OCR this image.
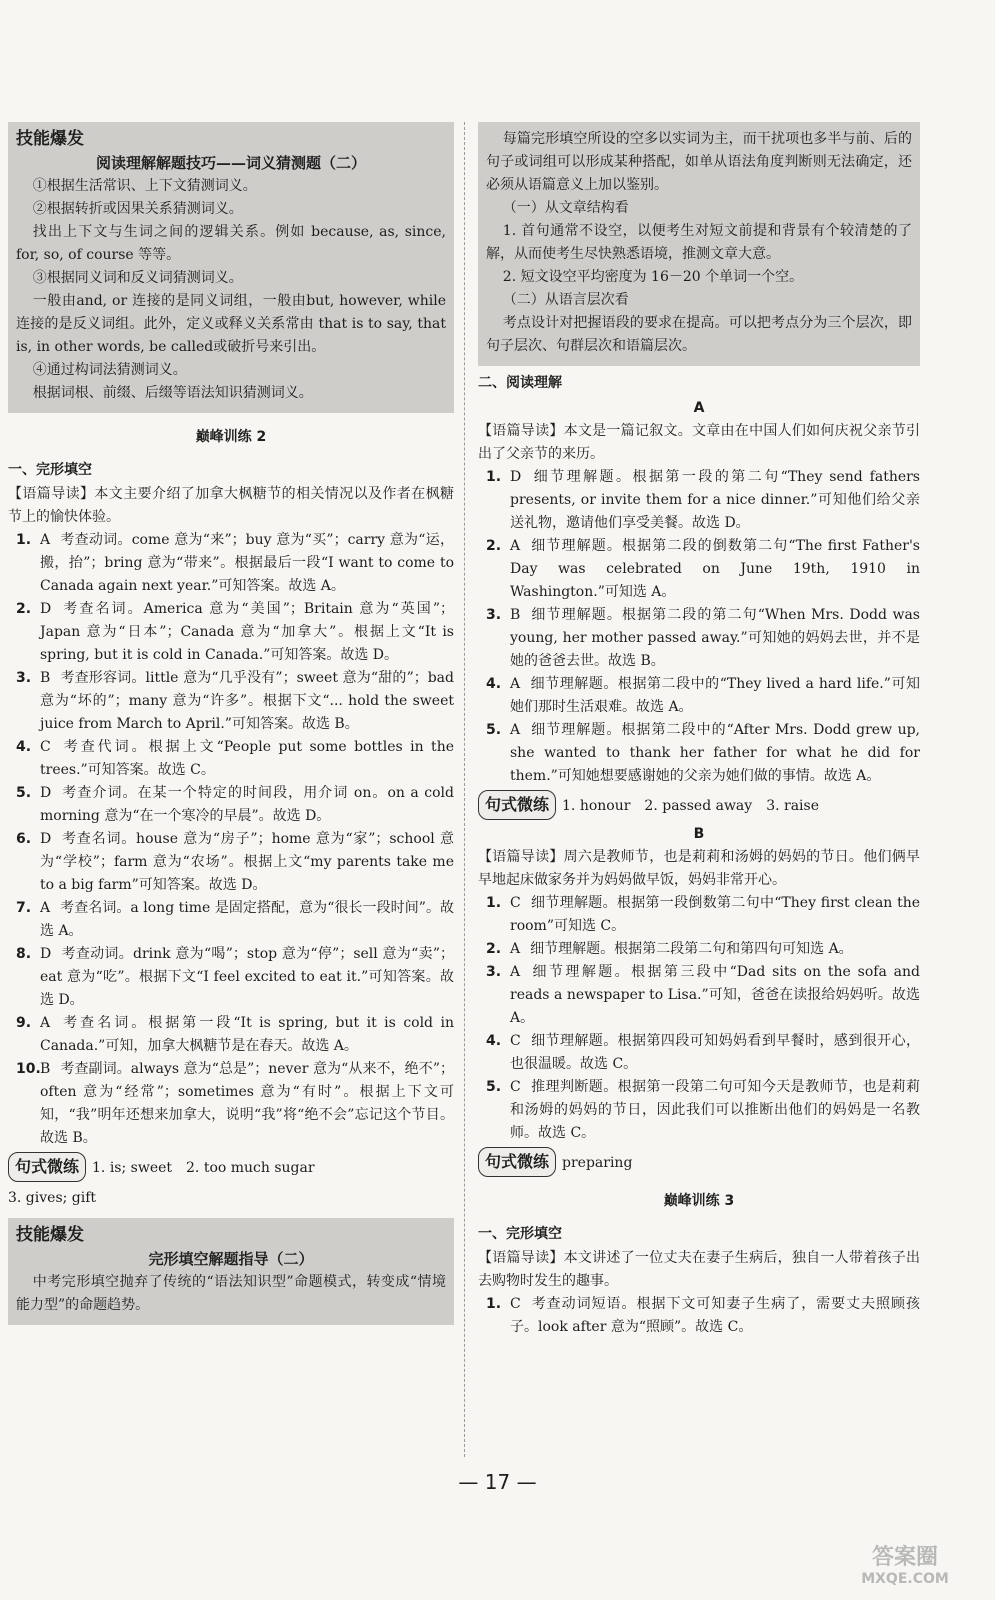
技能爆发

阅读理解解题技巧——词义猜测题（二）

①根据生活常识、上下文猜测词义。

②根据转折或因果关系猜测词义。

找出上下文与生词之间的逻辑关系。例如 because, as, since, for, so, of course 等等。

③根据同义词和反义词猜测词义。

一般由and, or 连接的是同义词组，一般由but, however, while连接的是反义词组。此外，定义或释义关系常由 that is to say, that is, in other words, be called或破折号来引出。

④通过构词法猜测词义。

根据词根、前缀、后缀等语法知识猜测词义。

巅峰训练 2
一、完形填空

【语篇导读】本文主要介绍了加拿大枫糖节的相关情况以及作者在枫糖节上的愉快体验。

1. A 考查动词。come 意为“来”；buy 意为“买”；carry 意为“运，搬，抬”；bring 意为“带来”。根据最后一段“I want to come to Canada again next year.”可知答案。故选 A。

2. D 考查名词。America 意为“美国”；Britain 意为“英国”；Japan 意为“日本”；Canada 意为“加拿大”。根据上文“It is spring, but it is cold in Canada.”可知答案。故选 D。

3. B 考查形容词。little 意为“几乎没有”；sweet 意为“甜的”；bad 意为“坏的”；many 意为“许多”。根据下文“... hold the sweet juice from March to April.”可知答案。故选 B。

4. C 考查代词。根据上文“People put some bottles in the trees.”可知答案。故选 C。

5. D 考查介词。在某一个特定的时间段，用介词 on。on a cold morning 意为“在一个寒冷的早晨”。故选 D。

6. D 考查名词。house 意为“房子”；home 意为“家”；school 意为“学校”；farm 意为“农场”。根据上文“my parents take me to a big farm”可知答案。故选 D。

7. A 考查名词。a long time 是固定搭配，意为“很长一段时间”。故选 A。

8. D 考查动词。drink 意为“喝”；stop 意为“停”；sell 意为“卖”；eat 意为“吃”。根据下文“I feel excited to eat it.”可知答案。故选 D。

9. A 考查名词。根据第一段“It is spring, but it is cold in Canada.”可知，加拿大枫糖节是在春天。故选 A。

10. B 考查副词。always 意为“总是”；never 意为“从来不，绝不”；often 意为“经常”；sometimes 意为“有时”。根据上下文可知，“我”明年还想来加拿大，说明“我”将“绝不会”忘记这个节目。故选 B。

句式微练 1. is; sweet　2. too much sugar
3. gives; gift
技能爆发

完形填空解题指导（二）

中考完形填空抛弃了传统的“语法知识型”命题模式，转变成“情境能力型”的命题趋势。

每篇完形填空所设的空多以实词为主，而干扰项也多半与前、后的句子或词组可以形成某种搭配，如单从语法角度判断则无法确定，还必须从语篇意义上加以鉴别。

（一）从文章结构看

1. 首句通常不设空，以便考生对短文前提和背景有个较清楚的了解，从而使考生尽快熟悉语境，推测文章大意。

2. 短文设空平均密度为 16－20 个单词一个空。

（二）从语言层次看

考点设计对把握语段的要求在提高。可以把考点分为三个层次，即句子层次、句群层次和语篇层次。

二、阅读理解
A

【语篇导读】本文是一篇记叙文。文章由在中国人们如何庆祝父亲节引出了父亲节的来历。

1. D 细节理解题。根据第一段的第二句“They send fathers presents, or invite them for a nice dinner.”可知他们给父亲送礼物，邀请他们享受美餐。故选 D。

2. A 细节理解题。根据第二段的倒数第二句“The first Father's Day was celebrated on June 19th, 1910 in Washington.”可知选 A。

3. B 细节理解题。根据第二段的第二句“When Mrs. Dodd was young, her mother passed away.”可知她的妈妈去世，并不是她的爸爸去世。故选 B。

4. A 细节理解题。根据第二段中的“They lived a hard life.”可知她们那时生活艰难。故选 A。

5. A 细节理解题。根据第二段中的“After Mrs. Dodd grew up, she wanted to thank her father for what he did for them.”可知她想要感谢她的父亲为她们做的事情。故选 A。

句式微练 1. honour　2. passed away　3. raise
B

【语篇导读】周六是教师节，也是莉莉和汤姆的妈妈的节日。他们俩早早地起床做家务并为妈妈做早饭，妈妈非常开心。

1. C 细节理解题。根据第一段倒数第二句中“They first clean the room”可知选 C。

2. A 细节理解题。根据第二段第二句和第四句可知选 A。

3. A 细节理解题。根据第三段中“Dad sits on the sofa and reads a newspaper to Lisa.”可知，爸爸在读报给妈妈听。故选 A。

4. C 细节理解题。根据第四段可知妈妈看到早餐时，感到很开心，也很温暖。故选 C。

5. C 推理判断题。根据第一段第二句可知今天是教师节，也是莉莉和汤姆的妈妈的节日，因此我们可以推断出他们的妈妈是一名教师。故选 C。

句式微练 preparing
巅峰训练 3
一、完形填空

【语篇导读】本文讲述了一位丈夫在妻子生病后，独自一人带着孩子出去购物时发生的趣事。

1. C 考查动词短语。根据下文可知妻子生病了，需要丈夫照顾孩子。look after 意为“照顾”。故选 C。

— 17 —
答案圈
MXQE.COM
